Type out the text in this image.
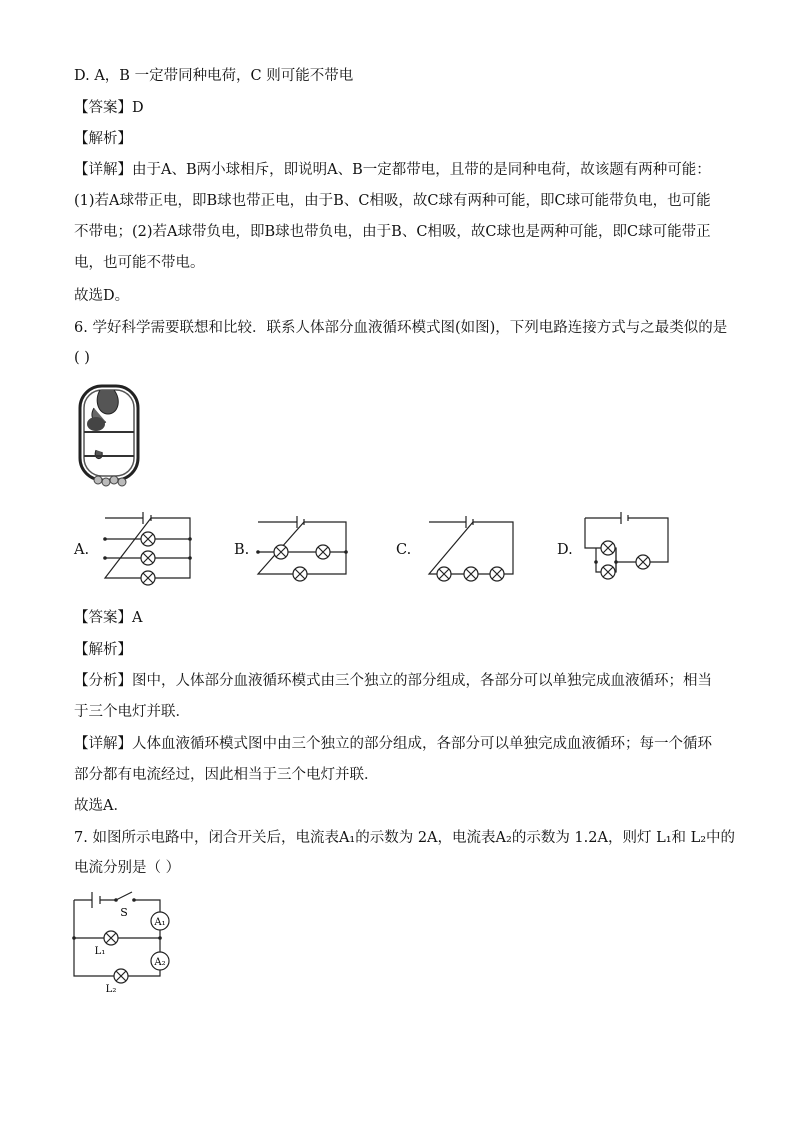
D. A，B 一定带同种电荷，C 则可能不带电
【答案】D
【解析】
【详解】由于A、B两小球相斥，即说明A、B一定都带电，且带的是同种电荷，故该题有两种可能：(1)若A球带正电，即B球也带正电，由于B、C相吸，故C球有两种可能，即C球可能带负电，也可能不带电；(2)若A球带负电，即B球也带负电，由于B、C相吸，故C球也是两种可能，即C球可能带正电，也可能不带电。
故选D。
6. 学好科学需要联想和比较．联系人体部分血液循环模式图(如图)，下列电路连接方式与之最类似的是
( )
A.	B.	C.	D.
【答案】A
【解析】
【分析】图中，人体部分血液循环模式由三个独立的部分组成，各部分可以单独完成血液循环；相当于三个电灯并联．
【详解】人体血液循环模式图中由三个独立的部分组成，各部分可以单独完成血液循环；每一个循环部分都有电流经过，因此相当于三个电灯并联．
故选A．
7. 如图所示电路中，闭合开关后，电流表A₁的示数为 2A，电流表A₂的示数为 1.2A，则灯 L₁和 L₂中的
电流分别是（ ）
S
A₁
A₂
L₁
L₂
